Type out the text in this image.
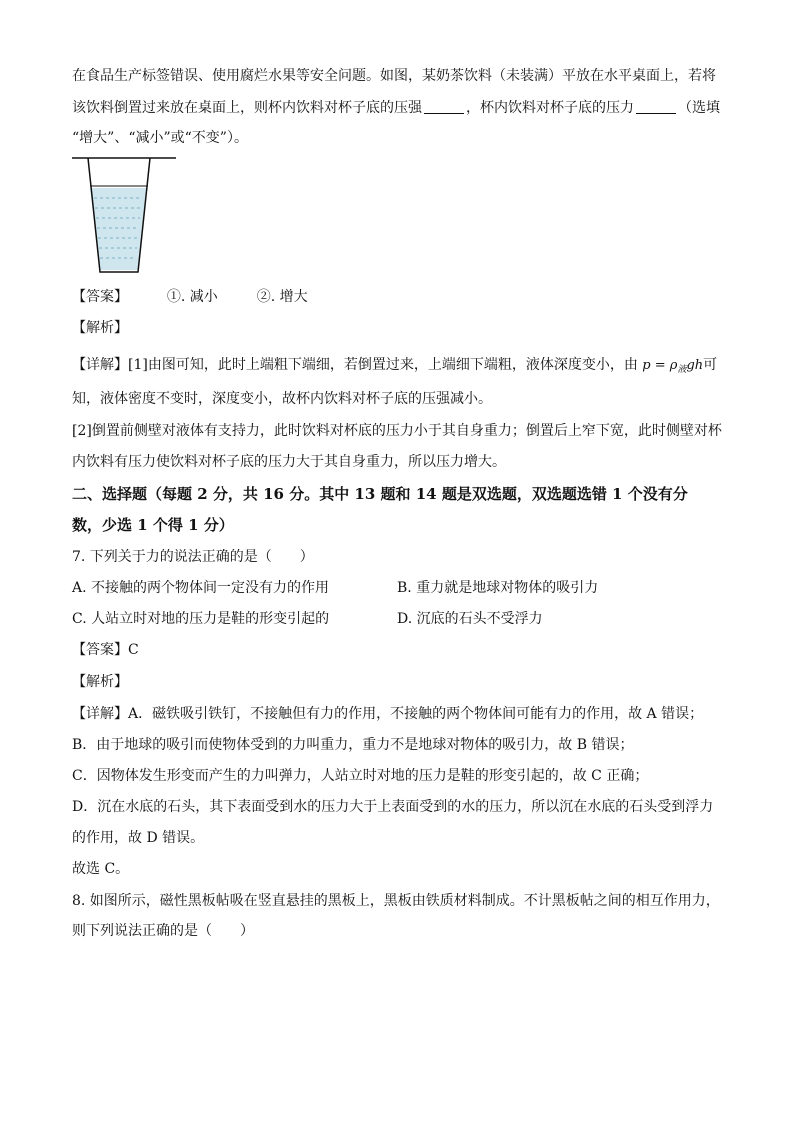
在食品生产标签错误、使用腐烂水果等安全问题。如图，某奶茶饮料（未装满）平放在水平桌面上，若将
该饮料倒置过来放在桌面上，则杯内饮料对杯子底的压强	，杯内饮料对杯子底的压力	（选填
“增大”、“减小”或“不变”）。
【答案】	①. 减小	②. 增大
【解析】
【详解】[1]由图可知，此时上端粗下端细，若倒置过来，上端细下端粗，液体深度变小，由 $p = \rho_液gh$可
知，液体密度不变时，深度变小，故杯内饮料对杯子底的压强减小。
[2]倒置前侧壁对液体有支持力，此时饮料对杯底的压力小于其自身重力；倒置后上窄下宽，此时侧壁对杯
内饮料有压力使饮料对杯子底的压力大于其自身重力，所以压力增大。
二、选择题（每题 2 分，共 16 分。其中 13 题和 14 题是双选题，双选题选错 1 个没有分
数，少选 1 个得 1 分）
7. 下列关于力的说法正确的是（　　）
A. 不接触的两个物体间一定没有力的作用	B. 重力就是地球对物体的吸引力
C. 人站立时对地的压力是鞋的形变引起的	D. 沉底的石头不受浮力
【答案】C
【解析】
【详解】A．磁铁吸引铁钉，不接触但有力的作用，不接触的两个物体间可能有力的作用，故 A 错误；
B．由于地球的吸引而使物体受到的力叫重力，重力不是地球对物体的吸引力，故 B 错误；
C．因物体发生形变而产生的力叫弹力，人站立时对地的压力是鞋的形变引起的，故 C 正确；
D．沉在水底的石头，其下表面受到水的压力大于上表面受到的水的压力，所以沉在水底的石头受到浮力
的作用，故 D 错误。
故选 C。
8. 如图所示，磁性黑板帖吸在竖直悬挂的黑板上，黑板由铁质材料制成。不计黑板帖之间的相互作用力，
则下列说法正确的是（　　）
